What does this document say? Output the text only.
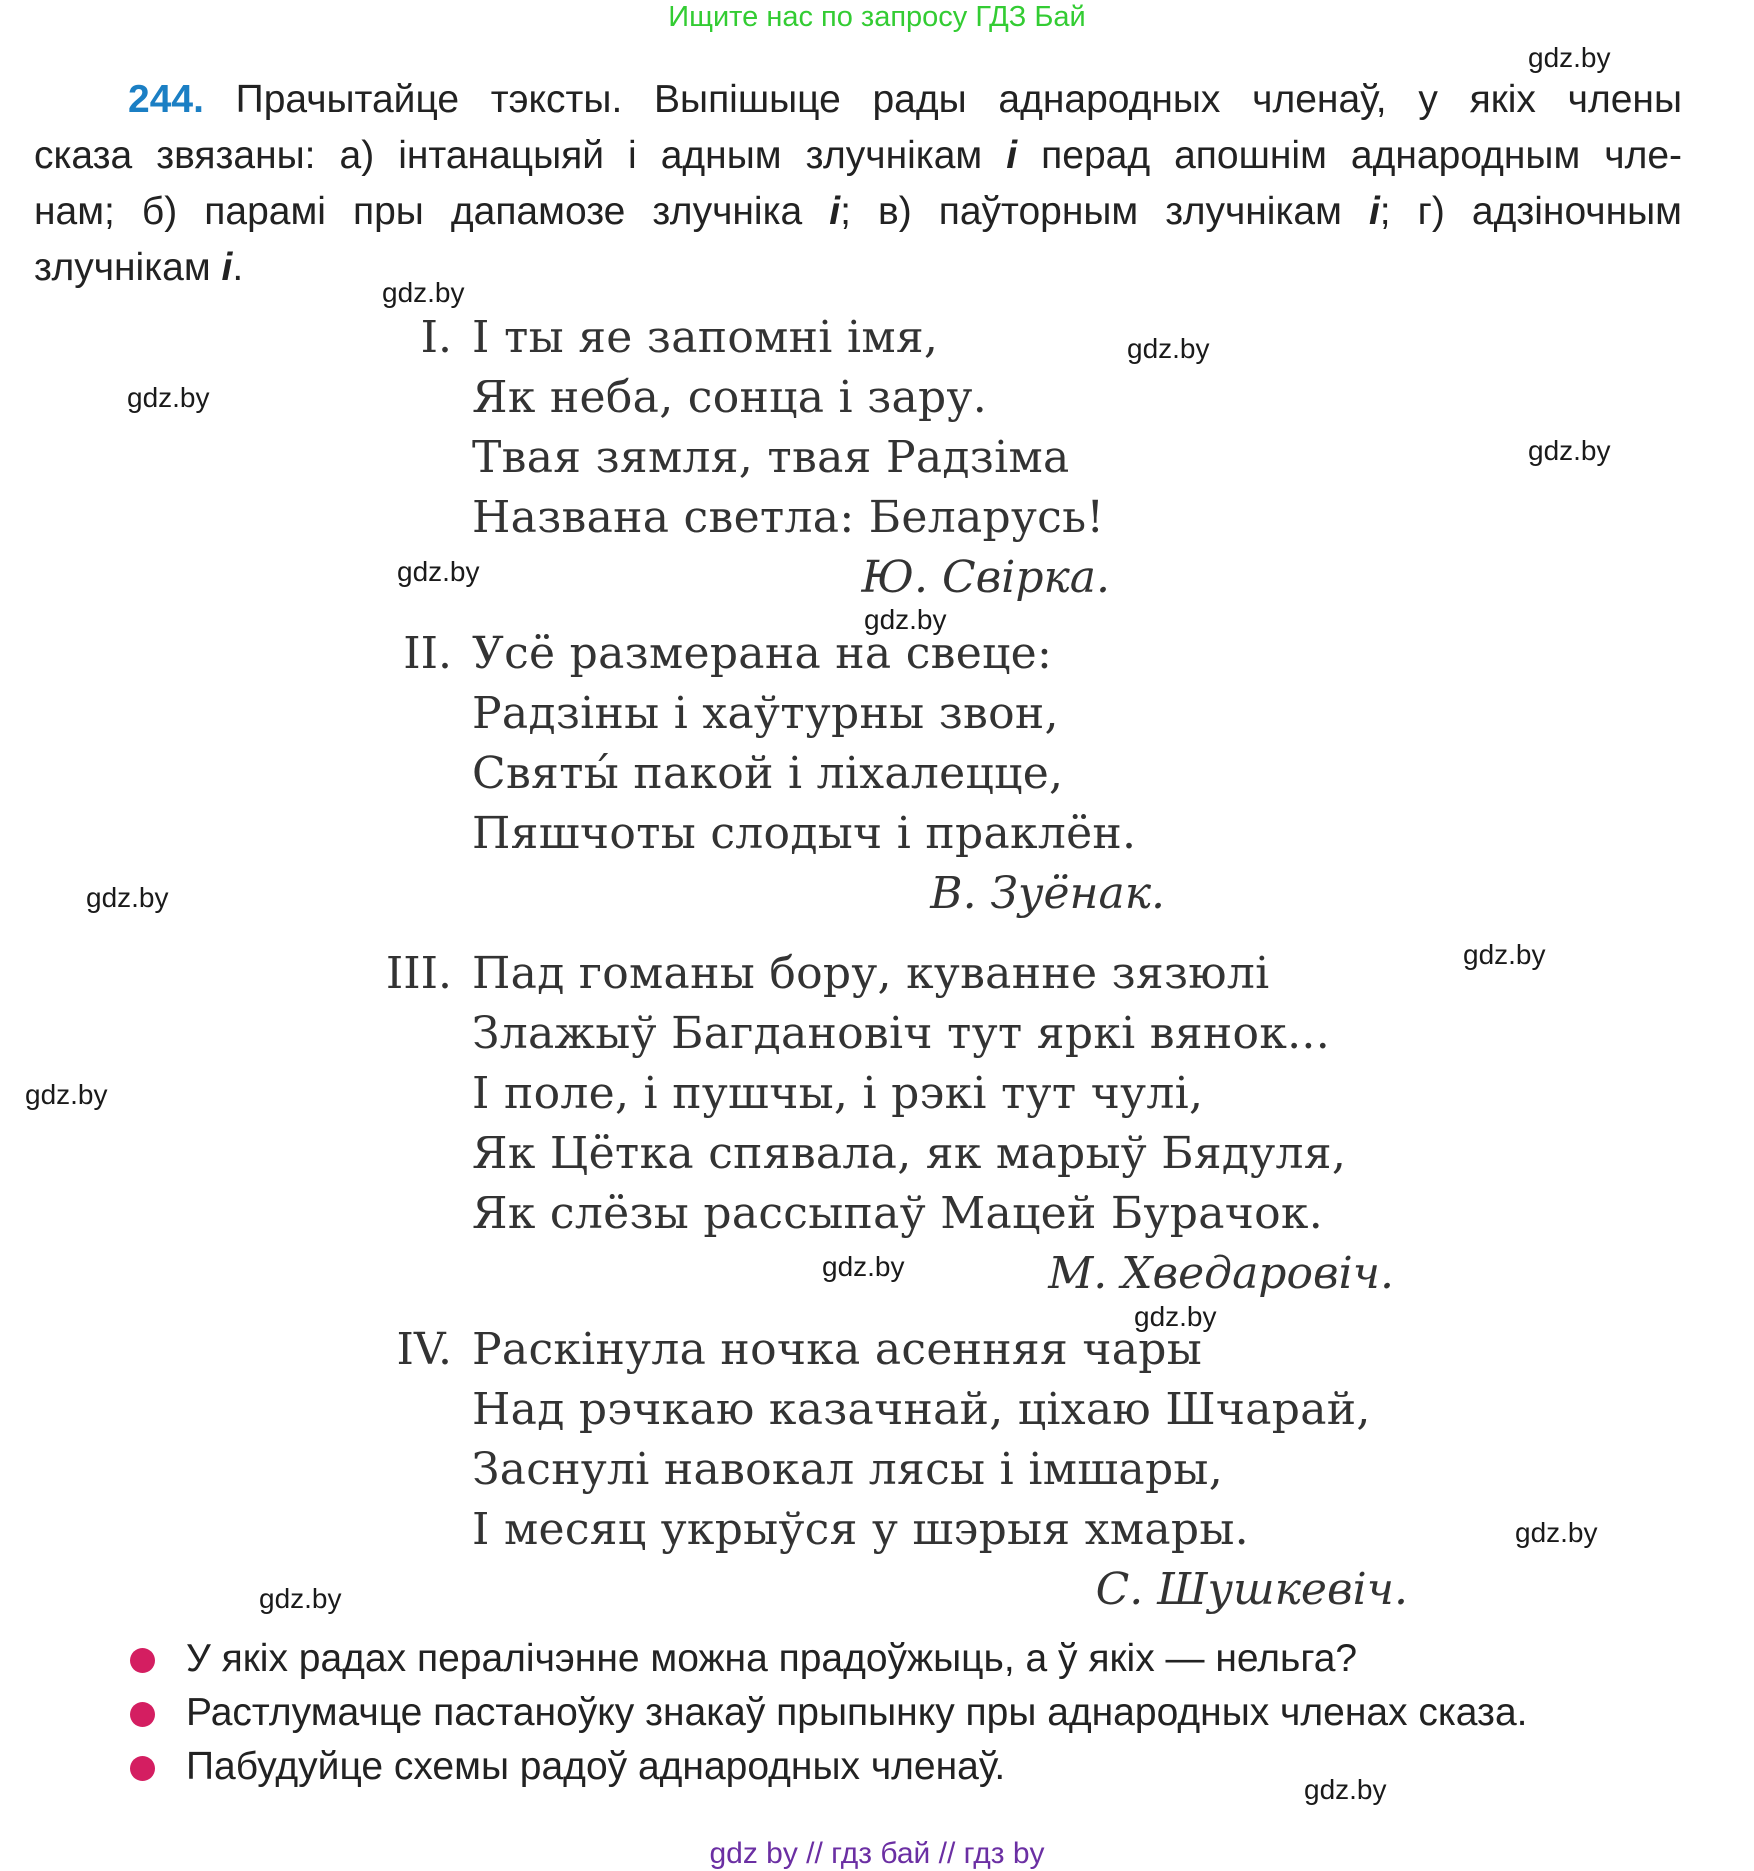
Ищите нас по запросу ГДЗ Бай
gdz.by
gdz.by
gdz.by
gdz.by
gdz.by
gdz.by
gdz.by
gdz.by
gdz.by
gdz.by
gdz.by
gdz.by
gdz.by
gdz.by
gdz.by
244. Прачытайце тэксты. Выпішыце рады аднародных членаў, у якіх члены
сказа звязаны: а) інтанацыяй і адным злучнікам і перад апошнім аднародным чле-
нам; б) парамі пры дапамозе злучніка і; в) паўторным злучнікам і; г) адзіночным
злучнікам і.
I. І ты яе запомні імя,
Як неба, сонца і зару.
Твая зямля, твая Радзіма
Названа светла: Беларусь!
Ю. Свірка.
II. Усё размерана на свеце:
Радзіны і хаўтурны звон,
Святы́ пакой і ліхалецце,
Пяшчоты слодыч і праклён.
В. Зуёнак.
III. Пад гоманы бору, куванне зязюлі
Злажыў Багдановіч тут яркі вянок...
І поле, і пушчы, і рэкі тут чулі,
Як Цётка спявала, як марыў Бядуля,
Як слёзы рассыпаў Мацей Бурачок.
М. Хведаровіч.
IV. Раскінула ночка асенняя чары
Над рэчкаю казачнай, ціхаю Шчарай,
Заснулі навокал лясы і імшары,
І месяц укрыўся у шэрыя хмары.
С. Шушкевіч.
У якіх радах пералічэнне можна прадоўжыць, а ў якіх — нельга?
Растлумачце пастаноўку знакаў прыпынку пры аднародных членах сказа.
Пабудуйце схемы радоў аднародных членаў.
gdz by // гдз бай // гдз by
